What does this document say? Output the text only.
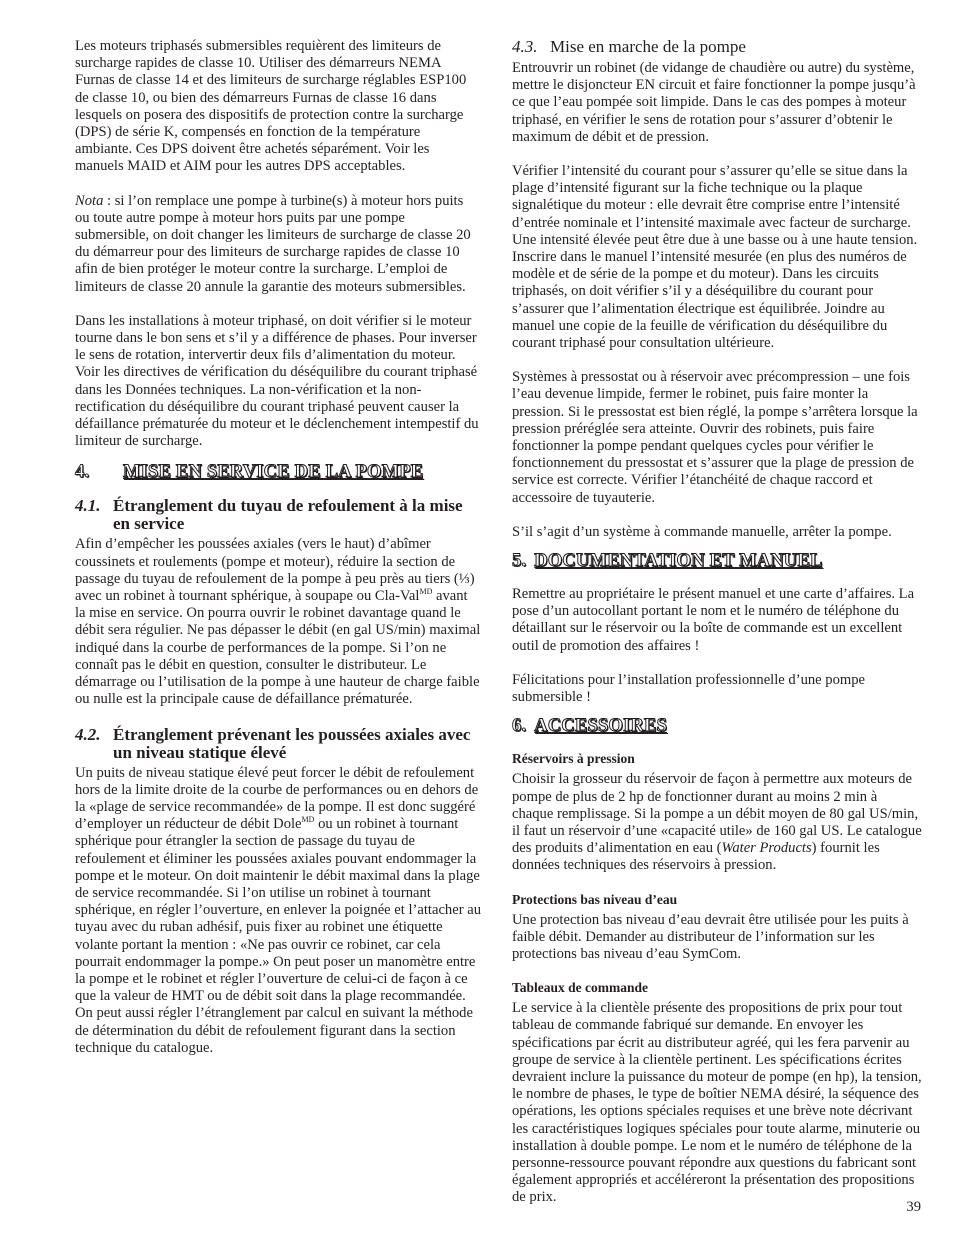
Les moteurs triphasés submersibles requièrent des limiteurs de surcharge rapides de classe 10. Utiliser des démarreurs NEMA Furnas de classe 14 et des limiteurs de surcharge réglables ESP100 de classe 10, ou bien des démarreurs Furnas de classe 16 dans lesquels on posera des dispositifs de protection contre la surcharge (DPS) de série K, compensés en fonction de la température ambiante. Ces DPS doivent être achetés séparément. Voir les manuels MAID et AIM pour les autres DPS acceptables.

Nota : si l’on remplace une pompe à turbine(s) à moteur hors puits ou toute autre pompe à moteur hors puits par une pompe submersible, on doit changer les limiteurs de surcharge de classe 20 du démarreur pour des limiteurs de surcharge rapides de classe 10 afin de bien protéger le moteur contre la surcharge. L’emploi de limiteurs de classe 20 annule la garantie des moteurs submersibles.

Dans les installations à moteur triphasé, on doit vérifier si le moteur tourne dans le bon sens et s’il y a différence de phases. Pour inverser le sens de rotation, intervertir deux fils d’alimentation du moteur. Voir les directives de vérification du déséquilibre du courant triphasé dans les Données techniques. La non-vérification et la non-rectification du déséquilibre du courant triphasé peuvent causer la défaillance prématurée du moteur et le déclenchement intempestif du limiteur de surcharge.

4. MISE EN SERVICE DE LA POMPE
4.1. Étranglement du tuyau de refoulement à la mise en service

Afin d’empêcher les poussées axiales (vers le haut) d’abîmer coussinets et roulements (pompe et moteur), réduire la section de passage du tuyau de refoulement de la pompe à peu près au tiers (⅓) avec un robinet à tournant sphérique, à soupape ou Cla-Val$^{MD}$ avant la mise en service. On pourra ouvrir le robinet davantage quand le débit sera régulier. Ne pas dépasser le débit (en gal US/min) maximal indiqué dans la courbe de performances de la pompe. Si l’on ne connaît pas le débit en question, consulter le distributeur. Le démarrage ou l’utilisation de la pompe à une hauteur de charge faible ou nulle est la principale cause de défaillance prématurée.

4.2. Étranglement prévenant les poussées axiales avec un niveau statique élevé

Un puits de niveau statique élevé peut forcer le débit de refoulement hors de la limite droite de la courbe de performances ou en dehors de la «plage de service recommandée» de la pompe. Il est donc suggéré d’employer un réducteur de débit Dole$^{MD}$ ou un robinet à tournant sphérique pour étrangler la section de passage du tuyau de refoulement et éliminer les poussées axiales pouvant endommager la pompe et le moteur. On doit maintenir le débit maximal dans la plage de service recommandée. Si l’on utilise un robinet à tournant sphérique, en régler l’ouverture, en enlever la poignée et l’attacher au tuyau avec du ruban adhésif, puis fixer au robinet une étiquette volante portant la mention : «Ne pas ouvrir ce robinet, car cela pourrait endommager la pompe.» On peut poser un manomètre entre la pompe et le robinet et régler l’ouverture de celui-ci de façon à ce que la valeur de HMT ou de débit soit dans la plage recommandée. On peut aussi régler l’étranglement par calcul en suivant la méthode de détermination du débit de refoulement figurant dans la section technique du catalogue.

4.3. Mise en marche de la pompe

Entrouvrir un robinet (de vidange de chaudière ou autre) du système, mettre le disjoncteur EN circuit et faire fonctionner la pompe jusqu’à ce que l’eau pompée soit limpide. Dans le cas des pompes à moteur triphasé, en vérifier le sens de rotation pour s’assurer d’obtenir le maximum de débit et de pression.

Vérifier l’intensité du courant pour s’assurer qu’elle se situe dans la plage d’intensité figurant sur la fiche technique ou la plaque signalétique du moteur : elle devrait être comprise entre l’intensité d’entrée nominale et l’intensité maximale avec facteur de surcharge. Une intensité élevée peut être due à une basse ou à une haute tension. Inscrire dans le manuel l’intensité mesurée (en plus des numéros de modèle et de série de la pompe et du moteur). Dans les circuits triphasés, on doit vérifier s’il y a déséquilibre du courant pour s’assurer que l’alimentation électrique est équilibrée. Joindre au manuel une copie de la feuille de vérification du déséquilibre du courant triphasé pour consultation ultérieure.

Systèmes à pressostat ou à réservoir avec précompression – une fois l’eau devenue limpide, fermer le robinet, puis faire monter la pression. Si le pressostat est bien réglé, la pompe s’arrêtera lorsque la pression préréglée sera atteinte. Ouvrir des robinets, puis faire fonctionner la pompe pendant quelques cycles pour vérifier le fonctionnement du pressostat et s’assurer que la plage de pression de service est correcte. Vérifier l’étanchéité de chaque raccord et accessoire de tuyauterie.

S’il s’agit d’un système à commande manuelle, arrêter la pompe.

5. DOCUMENTATION ET MANUEL

Remettre au propriétaire le présent manuel et une carte d’affaires. La pose d’un autocollant portant le nom et le numéro de téléphone du détaillant sur le réservoir ou la boîte de commande est un excellent outil de promotion des affaires !

Félicitations pour l’installation professionnelle d’une pompe submersible !

6. ACCESSOIRES
Réservoirs à pression

Choisir la grosseur du réservoir de façon à permettre aux moteurs de pompe de plus de 2 hp de fonctionner durant au moins 2 min à chaque remplissage. Si la pompe a un débit moyen de 80 gal US/min, il faut un réservoir d’une «capacité utile» de 160 gal US. Le catalogue des produits d’alimentation en eau (Water Products) fournit les données techniques des réservoirs à pression.

Protections bas niveau d’eau

Une protection bas niveau d’eau devrait être utilisée pour les puits à faible débit. Demander au distributeur de l’information sur les protections bas niveau d’eau SymCom.

Tableaux de commande

Le service à la clientèle présente des propositions de prix pour tout tableau de commande fabriqué sur demande. En envoyer les spécifications par écrit au distributeur agréé, qui les fera parvenir au groupe de service à la clientèle pertinent. Les spécifications écrites devraient inclure la puissance du moteur de pompe (en hp), la tension, le nombre de phases, le type de boîtier NEMA désiré, la séquence des opérations, les options spéciales requises et une brève note décrivant les caractéristiques logiques spéciales pour toute alarme, minuterie ou installation à double pompe. Le nom et le numéro de téléphone de la personne-ressource pouvant répondre aux questions du fabricant sont également appropriés et accéléreront la présentation des propositions de prix.

39
